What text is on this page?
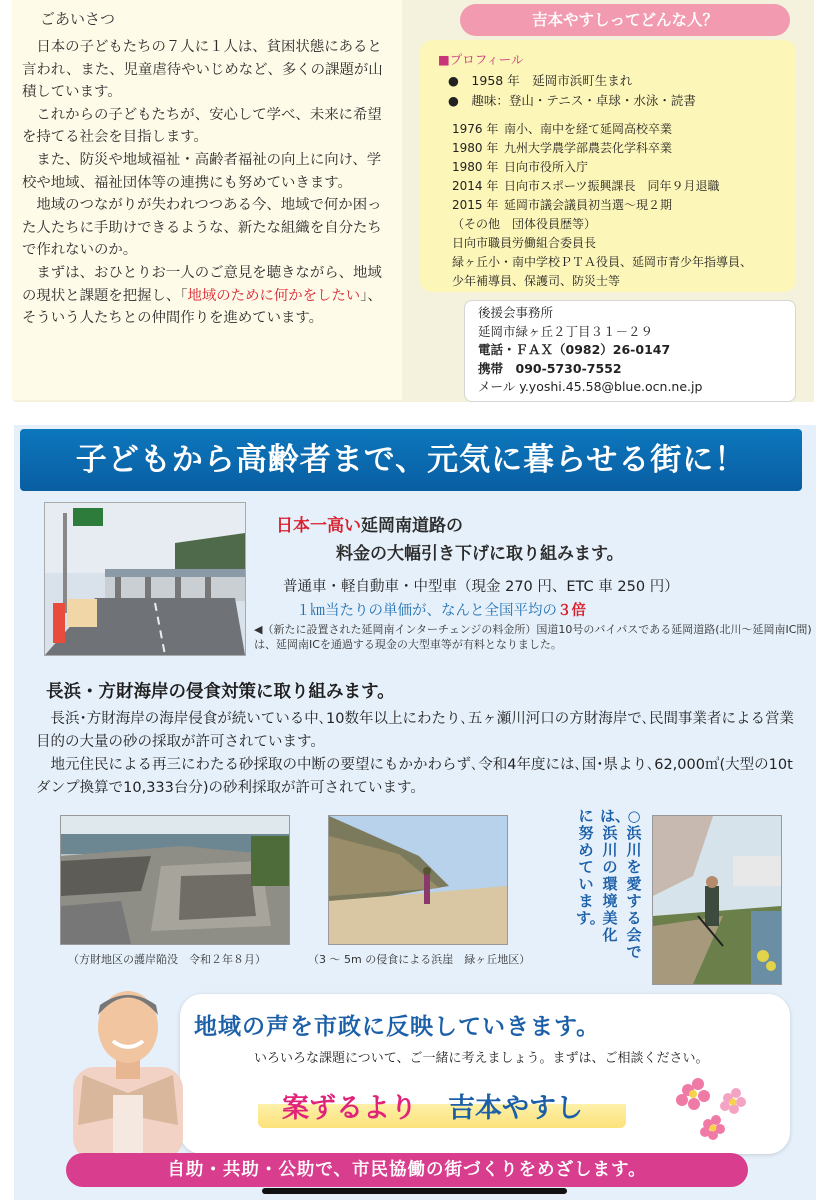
ごあいさつ

日本の子どもたちの７人に１人は、貧困状態にあると言われ、また、児童虐待やいじめなど、多くの課題が山積しています。

これからの子どもたちが、安心して学べ、未来に希望を持てる社会を目指します。

また、防災や地域福祉・高齢者福祉の向上に向け、学校や地域、福祉団体等の連携にも努めていきます。

地域のつながりが失われつつある今、地域で何か困った人たちに手助けできるような、新たな組織を自分たちで作れないのか。

まずは、おひとりお一人のご意見を聴きながら、地域の現状と課題を把握し、「地域のために何かをしたい」、そういう人たちとの仲間作りを進めています。

吉本やすしってどんな人？
■プロフィール
●　1958 年　延岡市浜町生まれ
●　趣味：登山・テニス・卓球・水泳・読書
1976 年 南小、南中を経て延岡高校卒業
1980 年 九州大学農学部農芸化学科卒業
1980 年 日向市役所入庁
2014 年 日向市スポーツ振興課長　同年９月退職
2015 年 延岡市議会議員初当選～現２期
（その他　団体役員歴等）
日向市職員労働組合委員長
緑ヶ丘小・南中学校ＰＴＡ役員、延岡市青少年指導員、
少年補導員、保護司、防災士等
後援会事務所
延岡市緑ヶ丘２丁目３１－２９
電話・ＦＡＸ（0982）26-0147
携帯　090-5730-7552
メール y.yoshi.45.58@blue.ocn.ne.jp
子どもから高齢者まで、元気に暮らせる街に！
日本一高い延岡南道路の
料金の大幅引き下げに取り組みます。
普通車・軽自動車・中型車（現金 270 円、ETC 車 250 円）
１㎞当たりの単価が、なんと全国平均の３倍
◀（新たに設置された延岡南インターチェンジの料金所）国道10号のバイパスである延岡道路(北川～延岡南IC間)は、延岡南ICを通過する現金の大型車等が有料となりました。
長浜・方財海岸の侵食対策に取り組みます。

長浜･方財海岸の海岸侵食が続いている中､10数年以上にわたり､五ヶ瀬川河口の方財海岸で､民間事業者による営業目的の大量の砂の採取が許可されています。

地元住民による再三にわたる砂採取の中断の要望にもかかわらず､令和4年度には､国･県より､62,000㎥(大型の10tダンプ換算で10,333台分)の砂利採取が許可されています。

（方財地区の護岸陥没　令和２年８月）	（3 ～ 5m の侵食による浜崖　緑ヶ丘地区）
○浜川を愛する会で
は、浜川の環境美化
に努めています。
地域の声を市政に反映していきます。
いろいろな課題について、ご一緒に考えましょう。まずは、ご相談ください。
案ずるより 吉本やすし
自助・共助・公助で、市民協働の街づくりをめざします。
